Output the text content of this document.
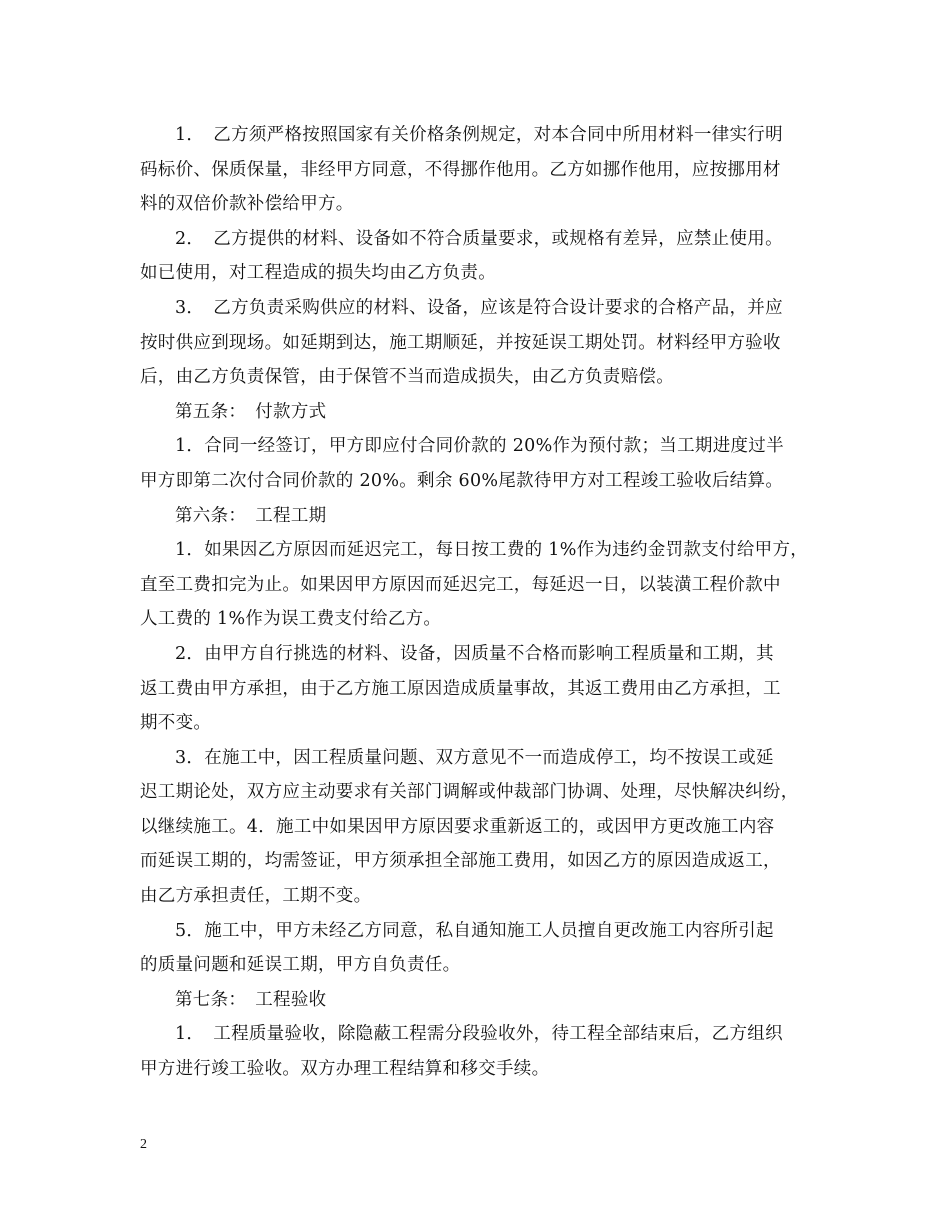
1．　乙方须严格按照国家有关价格条例规定，对本合同中所用材料一律实行明
码标价、保质保量，非经甲方同意，不得挪作他用。乙方如挪作他用，应按挪用材
料的双倍价款补偿给甲方。
2．　乙方提供的材料、设备如不符合质量要求，或规格有差异，应禁止使用。
如已使用，对工程造成的损失均由乙方负责。
3．　乙方负责采购供应的材料、设备，应该是符合设计要求的合格产品，并应
按时供应到现场。如延期到达，施工期顺延，并按延误工期处罚。材料经甲方验收
后，由乙方负责保管，由于保管不当而造成损失，由乙方负责赔偿。
第五条：　付款方式
1．合同一经签订，甲方即应付合同价款的 20%作为预付款；当工期进度过半
甲方即第二次付合同价款的 20%。剩余 60%尾款待甲方对工程竣工验收后结算。
第六条：　工程工期
1．如果因乙方原因而延迟完工，每日按工费的 1%作为违约金罚款支付给甲方，
直至工费扣完为止。如果因甲方原因而延迟完工，每延迟一日，以装潢工程价款中
人工费的 1%作为误工费支付给乙方。
2．由甲方自行挑选的材料、设备，因质量不合格而影响工程质量和工期，其
返工费由甲方承担，由于乙方施工原因造成质量事故，其返工费用由乙方承担，工
期不变。
3．在施工中，因工程质量问题、双方意见不一而造成停工，均不按误工或延
迟工期论处，双方应主动要求有关部门调解或仲裁部门协调、处理，尽快解决纠纷，
以继续施工。4．施工中如果因甲方原因要求重新返工的，或因甲方更改施工内容
而延误工期的，均需签证，甲方须承担全部施工费用，如因乙方的原因造成返工，
由乙方承担责任，工期不变。
5．施工中，甲方未经乙方同意，私自通知施工人员擅自更改施工内容所引起
的质量问题和延误工期，甲方自负责任。
第七条：　工程验收
1．　工程质量验收，除隐蔽工程需分段验收外，待工程全部结束后，乙方组织
甲方进行竣工验收。双方办理工程结算和移交手续。
2
